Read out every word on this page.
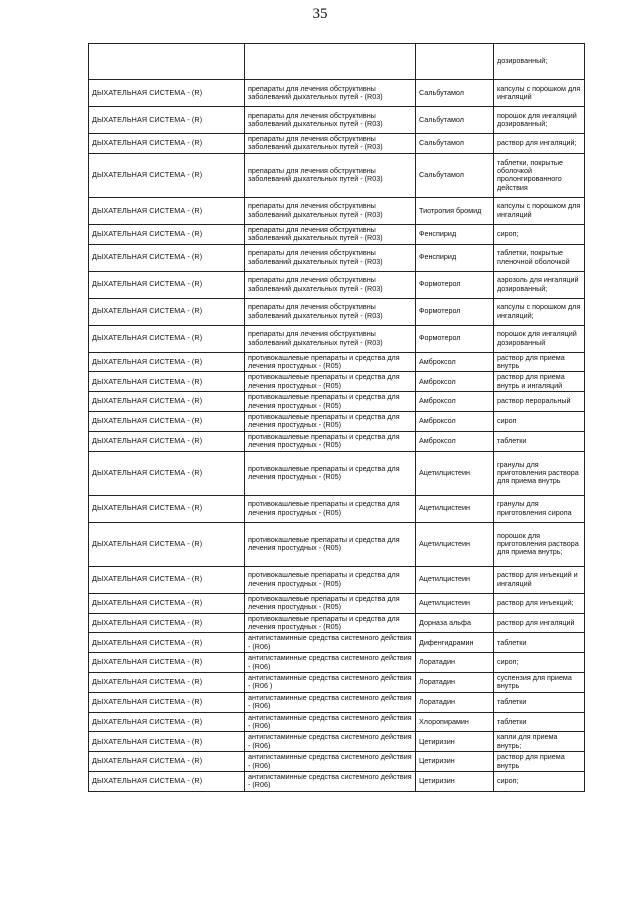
35
			дозированный;
ДЫХАТЕЛЬНАЯ СИСТЕМА - (R)	препараты для лечения обструктивны заболеваний дыхательных путей - (R03)	Сальбутамол	капсулы с порошком для ингаляций
ДЫХАТЕЛЬНАЯ СИСТЕМА - (R)	препараты для лечения обструктивны заболеваний дыхательных путей - (R03)	Сальбутамол	порошок для ингаляций дозированный;
ДЫХАТЕЛЬНАЯ СИСТЕМА - (R)	препараты для лечения обструктивны заболеваний дыхательных путей - (R03)	Сальбутамол	раствор для ингаляций;
ДЫХАТЕЛЬНАЯ СИСТЕМА - (R)	препараты для лечения обструктивны заболеваний дыхательных путей - (R03)	Сальбутамол	таблетки, покрытые оболочкой пролонгированного действия
ДЫХАТЕЛЬНАЯ СИСТЕМА - (R)	препараты для лечения обструктивны заболеваний дыхательных путей - (R03)	Тиотропия бромид	капсулы с порошком для ингаляций
ДЫХАТЕЛЬНАЯ СИСТЕМА - (R)	препараты для лечения обструктивны заболеваний дыхательных путей - (R03)	Фенспирид	сироп;
ДЫХАТЕЛЬНАЯ СИСТЕМА - (R)	препараты для лечения обструктивны заболеваний дыхательных путей - (R03)	Фенспирид	таблетки, покрытые пленочной оболочкой
ДЫХАТЕЛЬНАЯ СИСТЕМА - (R)	препараты для лечения обструктивны заболеваний дыхательных путей - (R03)	Формотерол	аэрозоль для ингаляций дозированный;
ДЫХАТЕЛЬНАЯ СИСТЕМА - (R)	препараты для лечения обструктивны заболеваний дыхательных путей - (R03)	Формотерол	капсулы с порошком для ингаляций;
ДЫХАТЕЛЬНАЯ СИСТЕМА - (R)	препараты для лечения обструктивны заболеваний дыхательных путей - (R03)	Формотерол	порошок для ингаляций дозированный
ДЫХАТЕЛЬНАЯ СИСТЕМА - (R)	противокашлевые препараты и средства для лечения простудных - (R05)	Амброксол	раствор для приема внутрь
ДЫХАТЕЛЬНАЯ СИСТЕМА - (R)	противокашлевые препараты и средства для лечения простудных - (R05)	Амброксол	раствор для приема внутрь и ингаляций
ДЫХАТЕЛЬНАЯ СИСТЕМА - (R)	противокашлевые препараты и средства для лечения простудных - (R05)	Амброксол	раствор пероральный
ДЫХАТЕЛЬНАЯ СИСТЕМА - (R)	противокашлевые препараты и средства для лечения простудных - (R05)	Амброксол	сироп
ДЫХАТЕЛЬНАЯ СИСТЕМА - (R)	противокашлевые препараты и средства для лечения простудных - (R05)	Амброксол	таблетки
ДЫХАТЕЛЬНАЯ СИСТЕМА - (R)	противокашлевые препараты и средства для лечения простудных - (R05)	Ацетилцистеин	гранулы для приготовления раствора для приема внутрь
ДЫХАТЕЛЬНАЯ СИСТЕМА - (R)	противокашлевые препараты и средства для лечения простудных - (R05)	Ацетилцистеин	гранулы для приготовления сиропа
ДЫХАТЕЛЬНАЯ СИСТЕМА - (R)	противокашлевые препараты и средства для лечения простудных - (R05)	Ацетилцистеин	порошок для приготовления раствора для приема внутрь;
ДЫХАТЕЛЬНАЯ СИСТЕМА - (R)	противокашлевые препараты и средства для лечения простудных - (R05)	Ацетилцистеин	раствор для инъекций и ингаляций
ДЫХАТЕЛЬНАЯ СИСТЕМА - (R)	противокашлевые препараты и средства для лечения простудных - (R05)	Ацетилцистеин	раствор для инъекций;
ДЫХАТЕЛЬНАЯ СИСТЕМА - (R)	противокашлевые препараты и средства для лечения простудных - (R05)	Дорназа альфа	раствор для ингаляций
ДЫХАТЕЛЬНАЯ СИСТЕМА - (R)	антигистаминные средства системного действия - (R06)	Дифенгидрамин	таблетки
ДЫХАТЕЛЬНАЯ СИСТЕМА - (R)	антигистаминные средства системного действия - (R06)	Лоратадин	сироп;
ДЫХАТЕЛЬНАЯ СИСТЕМА - (R)	антигистаминные средства системного действия - (R06 )	Лоратадин	суспензия для приема внутрь
ДЫХАТЕЛЬНАЯ СИСТЕМА - (R)	антигистаминные средства системного действия - (R06)	Лоратадин	таблетки
ДЫХАТЕЛЬНАЯ СИСТЕМА - (R)	антигистаминные средства системного действия - (R06)	Хлоропирамин	таблетки
ДЫХАТЕЛЬНАЯ СИСТЕМА - (R)	антигистаминные средства системного действия - (R06)	Цетиризин	капли для приема внутрь;
ДЫХАТЕЛЬНАЯ СИСТЕМА - (R)	антигистаминные средства системного действия - (R06)	Цетиризин	раствор для приема внутрь
ДЫХАТЕЛЬНАЯ СИСТЕМА - (R)	антигистаминные средства системного действия - (R06)	Цетиризин	сироп;
